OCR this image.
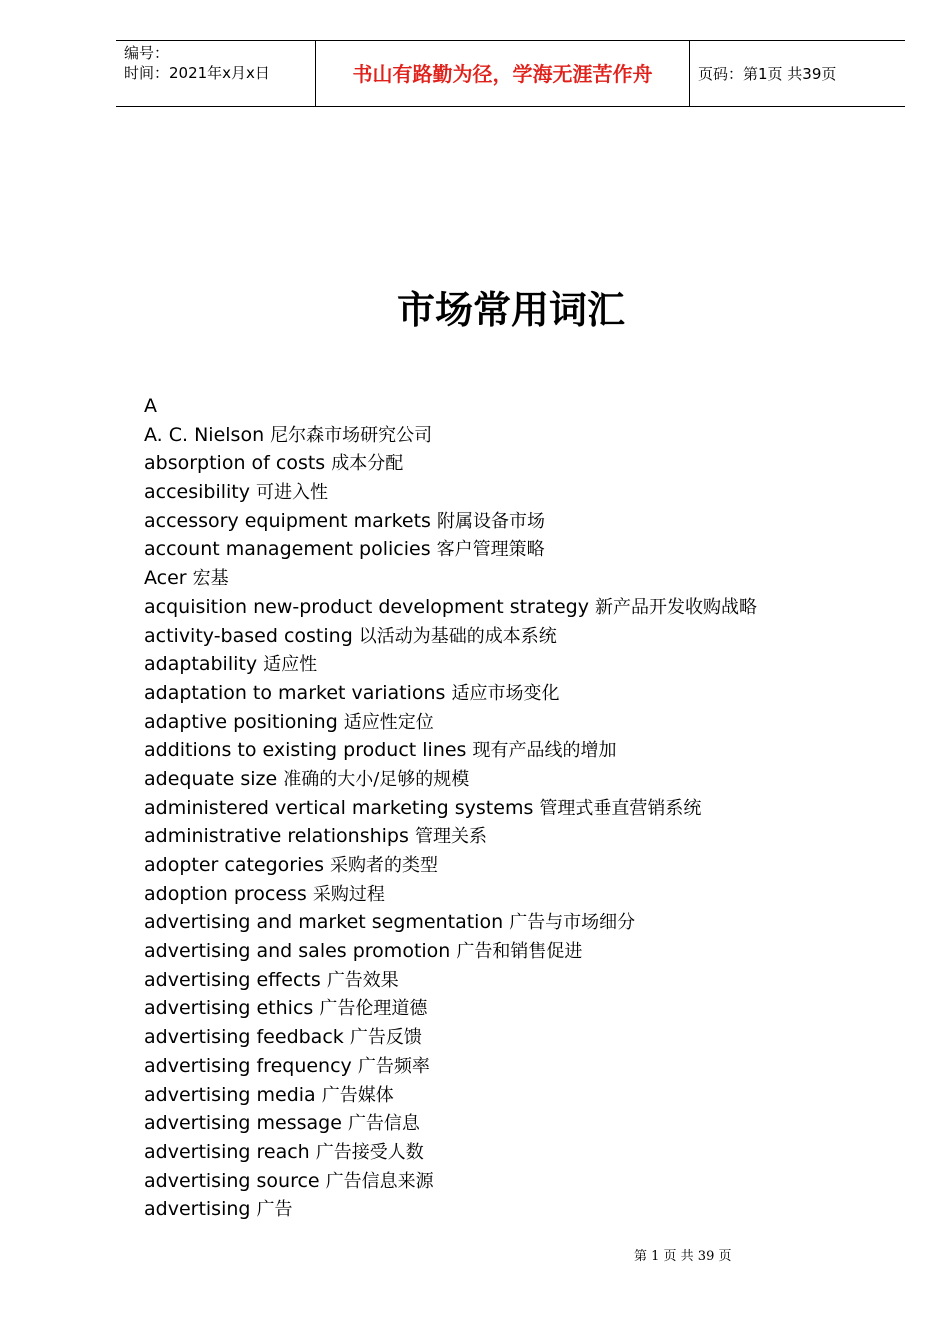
编号：
时间：2021年x月x日	书山有路勤为径，学海无涯苦作舟	页码：第1页 共39页
市场常用词汇
A
A. C. Nielson 尼尔森市场研究公司
absorption of costs 成本分配
accesibility 可进入性
accessory equipment markets 附属设备市场
account management policies 客户管理策略
Acer 宏基
acquisition new-product development strategy 新产品开发收购战略
activity-based costing 以活动为基础的成本系统
adaptability 适应性
adaptation to market variations 适应市场变化
adaptive positioning 适应性定位
additions to existing product lines 现有产品线的增加
adequate size 准确的大小/足够的规模
administered vertical marketing systems 管理式垂直营销系统
administrative relationships 管理关系
adopter categories 采购者的类型
adoption process 采购过程
advertising and market segmentation 广告与市场细分
advertising and sales promotion 广告和销售促进
advertising effects 广告效果
advertising ethics 广告伦理道德
advertising feedback 广告反馈
advertising frequency 广告频率
advertising media 广告媒体
advertising message 广告信息
advertising reach 广告接受人数
advertising source 广告信息来源
advertising 广告
第 1 页 共 39 页
